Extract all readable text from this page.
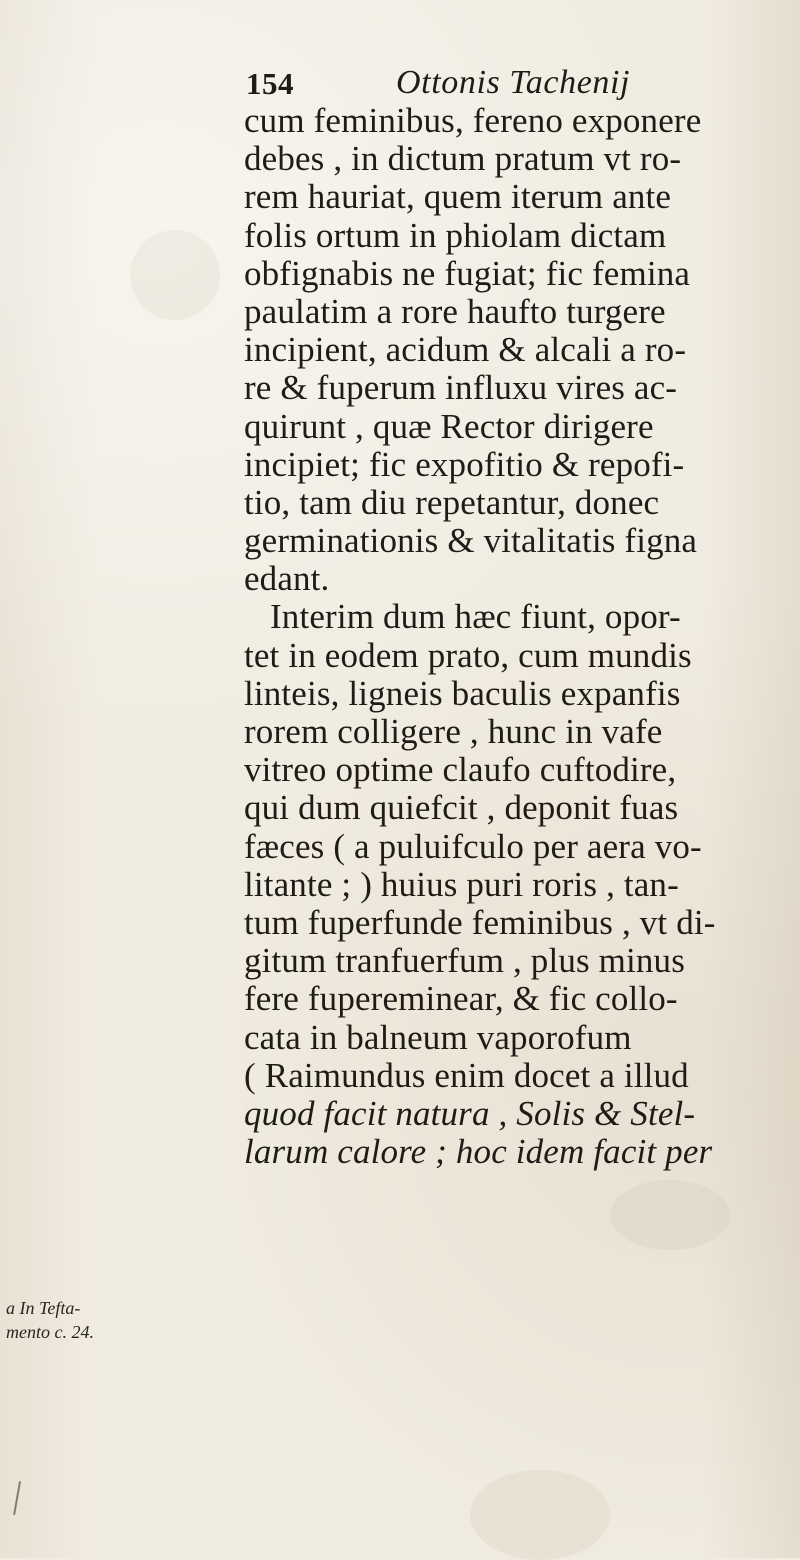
154	Ottonis Tachenij
cum feminibus, fereno exponere
debes , in dictum pratum vt ro-
rem hauriat, quem iterum ante
folis ortum in phiolam dictam
obfignabis ne fugiat; fic femina
paulatim a rore haufto turgere
incipient, acidum & alcali a ro-
re & fuperum influxu vires ac-
quirunt , quæ Rector dirigere
incipiet; fic expofitio & repofi-
tio, tam diu repetantur, donec
germinationis & vitalitatis figna
edant.
Interim dum hæc fiunt, opor-
tet in eodem prato, cum mundis
linteis, ligneis baculis expanfis
rorem colligere , hunc in vafe
vitreo optime claufo cuftodire,
qui dum quiefcit , deponit fuas
fæces ( a puluifculo per aera vo-
litante ; ) huius puri roris , tan-
tum fuperfunde feminibus , vt di-
gitum tranfuerfum , plus minus
fere fupereminear, & fic collo-
cata in balneum vaporofum
( Raimundus enim docet a illud
quod facit natura , Solis & Stel-
larum calore ; hoc idem facit per
a In Tefta-
mento c. 24.
